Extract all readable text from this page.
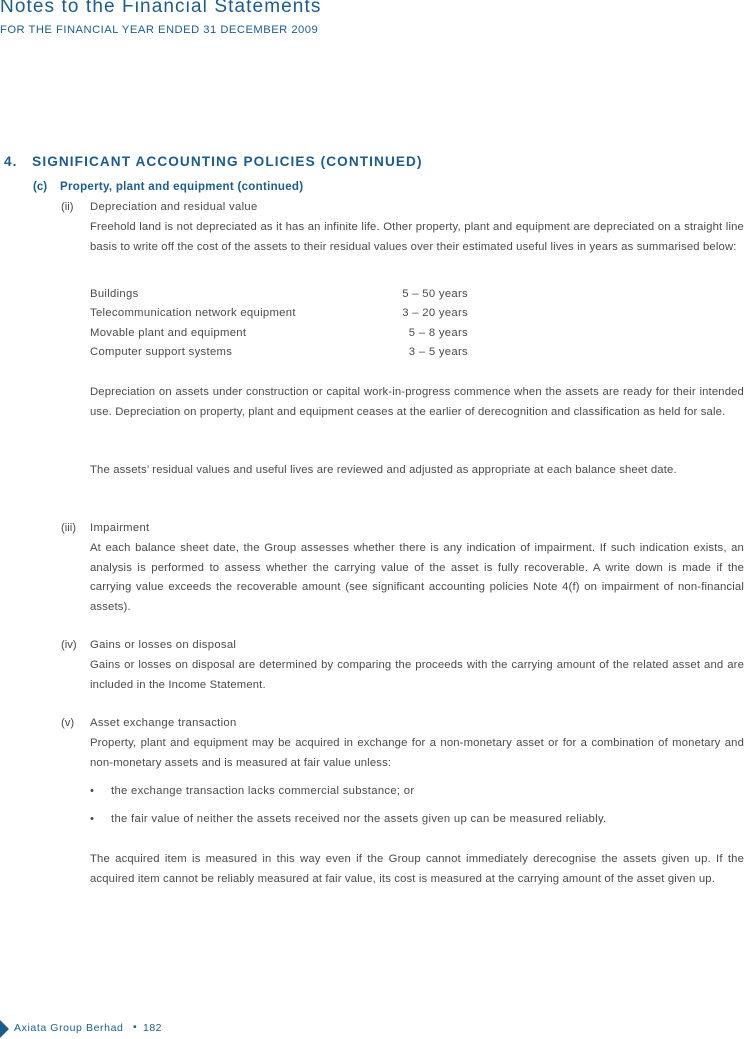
Notes to the Financial Statements
FOR THE FINANCIAL YEAR ENDED 31 DECEMBER 2009
4.   SIGNIFICANT ACCOUNTING POLICIES (CONTINUED)
(c) Property, plant and equipment (continued)
(ii) Depreciation and residual value
Freehold land is not depreciated as it has an infinite life. Other property, plant and equipment are depreciated on a straight line basis to write off the cost of the assets to their residual values over their estimated useful lives in years as summarised below:
Buildings	5 – 50 years
Telecommunication network equipment	3 – 20 years
Movable plant and equipment	5 – 8 years
Computer support systems	3 – 5 years
Depreciation on assets under construction or capital work-in-progress commence when the assets are ready for their intended use. Depreciation on property, plant and equipment ceases at the earlier of derecognition and classification as held for sale.
The assets’ residual values and useful lives are reviewed and adjusted as appropriate at each balance sheet date.
(iii) Impairment
At each balance sheet date, the Group assesses whether there is any indication of impairment. If such indication exists, an analysis is performed to assess whether the carrying value of the asset is fully recoverable. A write down is made if the carrying value exceeds the recoverable amount (see significant accounting policies Note 4(f) on impairment of non-financial assets).
(iv) Gains or losses on disposal
Gains or losses on disposal are determined by comparing the proceeds with the carrying amount of the related asset and are included in the Income Statement.
(v) Asset exchange transaction
Property, plant and equipment may be acquired in exchange for a non-monetary asset or for a combination of monetary and non-monetary assets and is measured at fair value unless:
• the exchange transaction lacks commercial substance; or
• the fair value of neither the assets received nor the assets given up can be measured reliably.
The acquired item is measured in this way even if the Group cannot immediately derecognise the assets given up. If the acquired item cannot be reliably measured at fair value, its cost is measured at the carrying amount of the asset given up.
Axiata Group Berhad • 182
